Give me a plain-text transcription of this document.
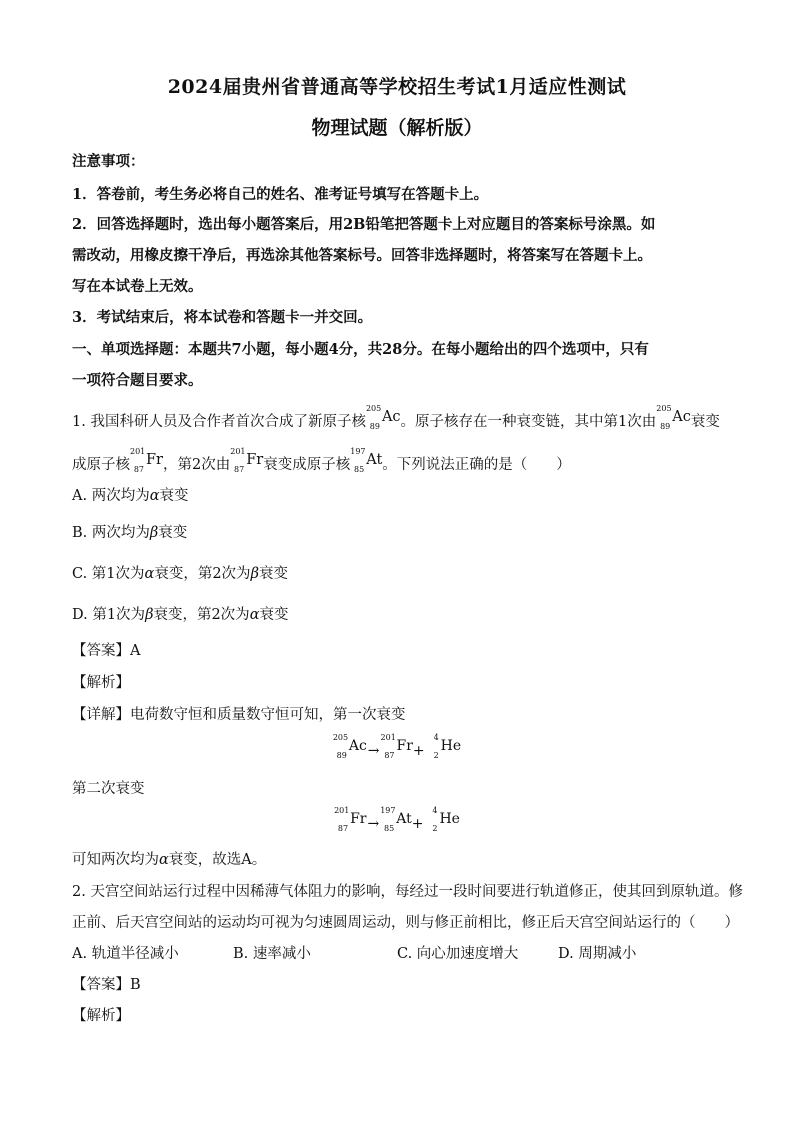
2024届贵州省普通高等学校招生考试1月适应性测试
物理试题（解析版）
注意事项：
1．答卷前，考生务必将自己的姓名、准考证号填写在答题卡上。
2．回答选择题时，选出每小题答案后，用2B铅笔把答题卡上对应题目的答案标号涂黑。如
需改动，用橡皮擦干净后，再选涂其他答案标号。回答非选择题时，将答案写在答题卡上。
写在本试卷上无效。
3．考试结束后，将本试卷和答题卡一并交回。
一、单项选择题：本题共7小题，每小题4分，共28分。在每小题给出的四个选项中，只有
一项符合题目要求。
1. 我国科研人员及合作者首次合成了新原子核
205
89
Ac。原子核存在一种衰变链，其中第1次由
205
89
Ac衰变
成原子核
201
87
Fr，第2次由
201
87
Fr衰变成原子核
197
85
At。下列说法正确的是（　　）
A. 两次均为α衰变
B. 两次均为β衰变
C. 第1次为α衰变，第2次为β衰变
D. 第1次为β衰变，第2次为α衰变
【答案】A
【解析】
【详解】电荷数守恒和质量数守恒可知，第一次衰变
205
89
Ac→
201
87
Fr+
4
2
He
第二次衰变
201
87
Fr→
197
85
At+
4
2
He
可知两次均为α衰变，故选A。
2. 天宫空间站运行过程中因稀薄气体阻力的影响，每经过一段时间要进行轨道修正，使其回到原轨道。修
正前、后天宫空间站的运动均可视为匀速圆周运动，则与修正前相比，修正后天宫空间站运行的（　　）
A. 轨道半径减小	B. 速率减小	C. 向心加速度增大	D. 周期减小
【答案】B
【解析】
